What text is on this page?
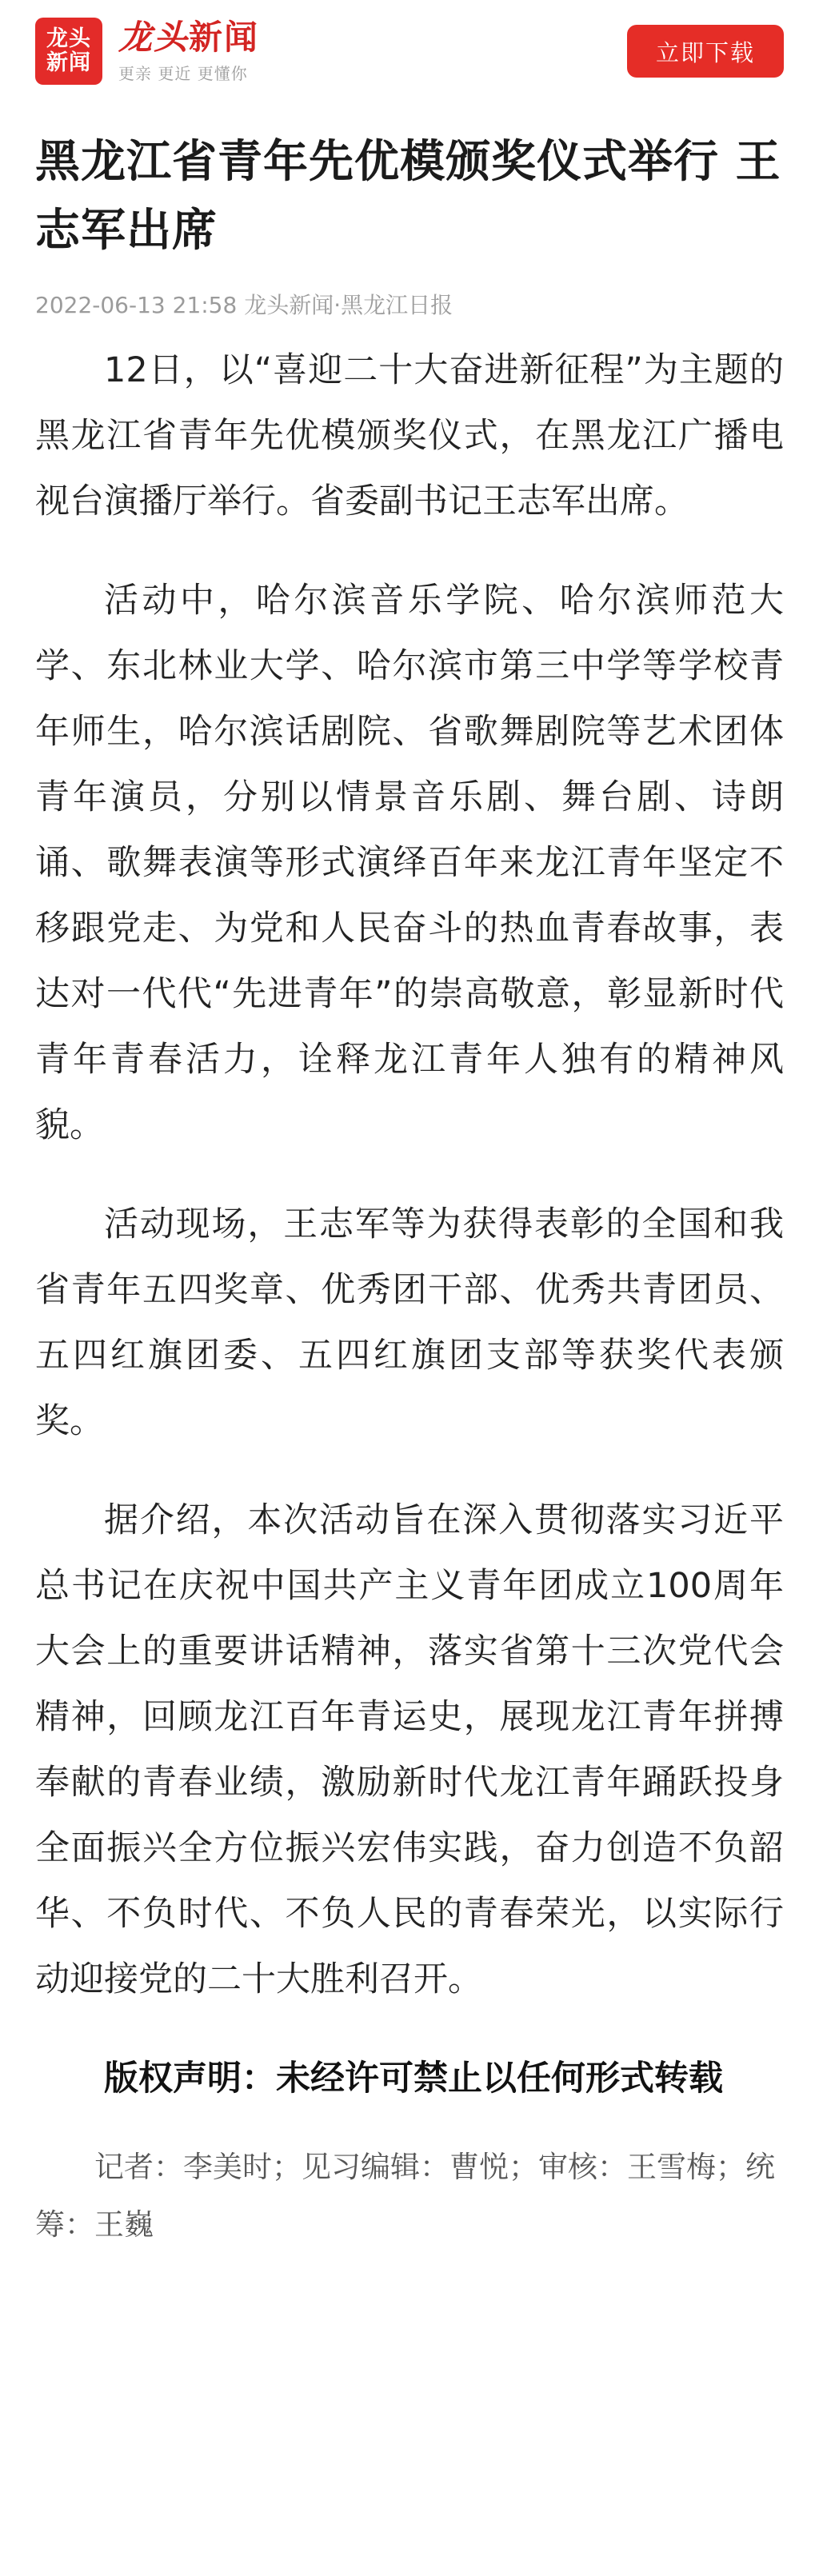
龙头
新闻
龙头新闻
更亲 更近 更懂你
立即下载
黑龙江省青年先优模颁奖仪式举行 王志军出席
2022-06-13 21:58 龙头新闻·黑龙江日报

12日，以“喜迎二十大奋进新征程”为主题的黑龙江省青年先优模颁奖仪式，在黑龙江广播电视台演播厅举行。省委副书记王志军出席。

活动中，哈尔滨音乐学院、哈尔滨师范大学、东北林业大学、哈尔滨市第三中学等学校青年师生，哈尔滨话剧院、省歌舞剧院等艺术团体青年演员，分别以情景音乐剧、舞台剧、诗朗诵、歌舞表演等形式演绎百年来龙江青年坚定不移跟党走、为党和人民奋斗的热血青春故事，表达对一代代“先进青年”的崇高敬意，彰显新时代青年青春活力，诠释龙江青年人独有的精神风貌。

活动现场，王志军等为获得表彰的全国和我省青年五四奖章、优秀团干部、优秀共青团员、五四红旗团委、五四红旗团支部等获奖代表颁奖。

据介绍，本次活动旨在深入贯彻落实习近平总书记在庆祝中国共产主义青年团成立100周年大会上的重要讲话精神，落实省第十三次党代会精神，回顾龙江百年青运史，展现龙江青年拼搏奉献的青春业绩，激励新时代龙江青年踊跃投身全面振兴全方位振兴宏伟实践，奋力创造不负韶华、不负时代、不负人民的青春荣光，以实际行动迎接党的二十大胜利召开。

版权声明：未经许可禁止以任何形式转载

记者：李美时；见习编辑：曹悦；审核：王雪梅；统筹：王巍
